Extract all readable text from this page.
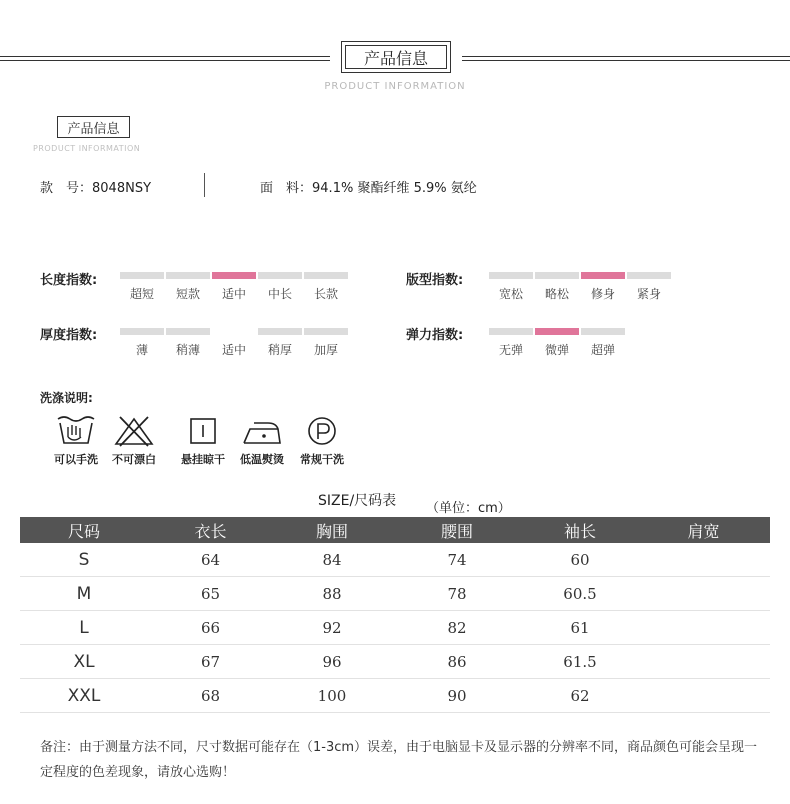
产品信息
PRODUCT INFORMATION
产品信息
PRODUCT INFORMATION
款　号：8048NSY	面　料：94.1% 聚酯纤维 5.9% 氨纶
长度指数:
超短	短款	适中	中长	长款
版型指数:
宽松	略松	修身	紧身
厚度指数:
薄	稍薄	适中	稍厚	加厚
弹力指数:
无弹	微弹	超弹
洗涤说明:
可以手洗	不可漂白	悬挂晾干	低温熨烫	常规干洗
SIZE/尺码表 （单位：cm）
尺码	衣长	胸围	腰围	袖长	肩宽
S	64	84	74	60	
M	65	88	78	60.5	
L	66	92	82	61	
XL	67	96	86	61.5	
XXL	68	100	90	62	
备注：由于测量方法不同，尺寸数据可能存在（1-3cm）误差，由于电脑显卡及显示器的分辨率不同，商品颜色可能会呈现一定程度的色差现象，请放心选购！
